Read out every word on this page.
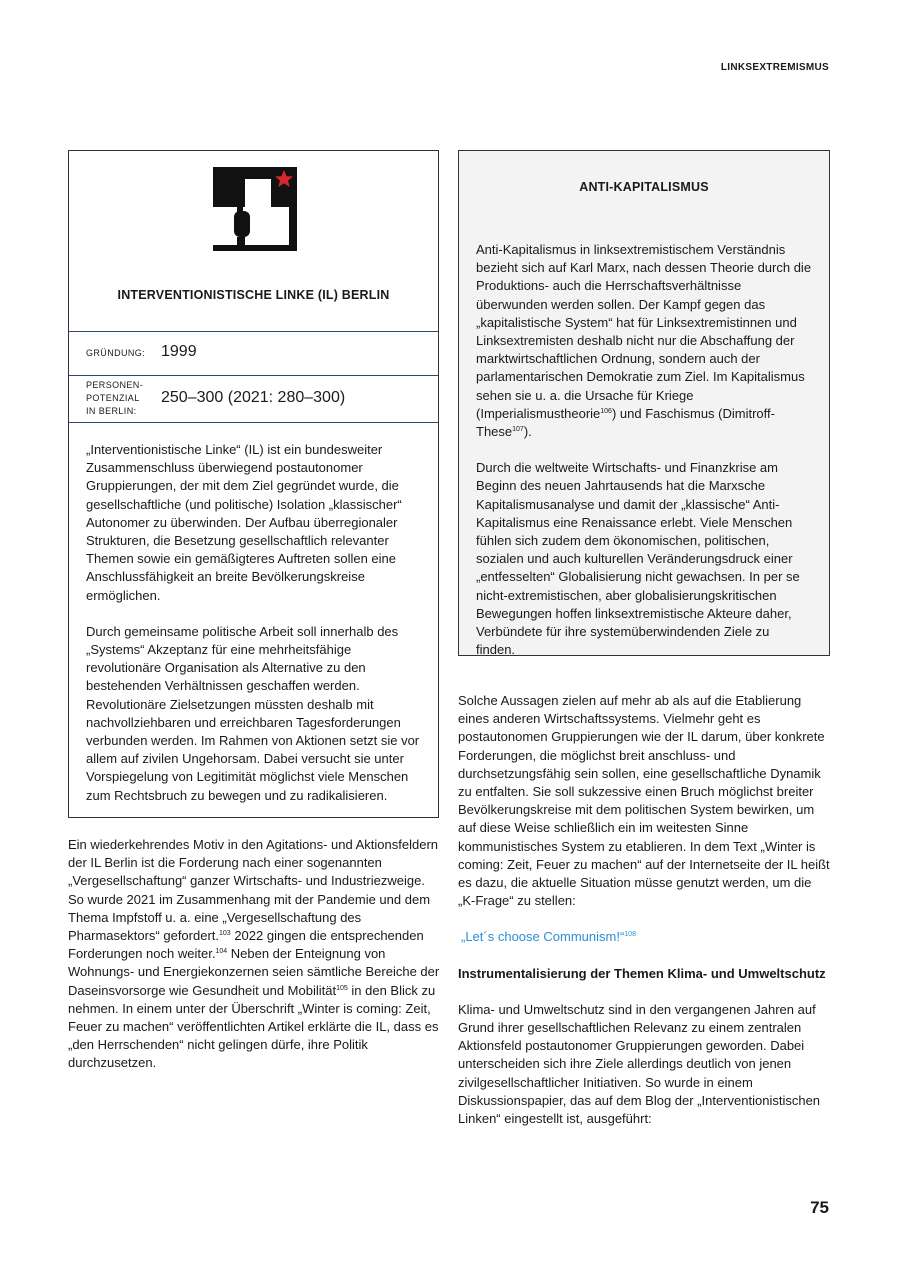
LINKSEXTREMISMUS
INTERVENTIONISTISCHE LINKE (IL) BERLIN
GRÜNDUNG: 1999
PERSONEN-
POTENZIAL
IN BERLIN:
250–300 (2021: 280–300)

„Interventionistische Linke“ (IL) ist ein bundesweiter Zusammenschluss überwiegend postautonomer Gruppierungen, der mit dem Ziel gegründet wurde, die gesellschaftliche (und politische) Isolation „klassischer“ Autonomer zu überwinden. Der Aufbau überregionaler Strukturen, die Besetzung gesellschaftlich relevanter Themen sowie ein gemäßigteres Auftreten sollen eine Anschlussfähigkeit an breite Bevölkerungskreise ermöglichen.

Durch gemeinsame politische Arbeit soll innerhalb des „Systems“ Akzeptanz für eine mehrheitsfähige revolutionäre Organisation als Alternative zu den bestehenden Verhältnissen geschaffen werden. Revolutionäre Zielsetzungen müssten deshalb mit nachvollziehbaren und erreichbaren Tagesforderungen verbunden werden. Im Rahmen von Aktionen setzt sie vor allem auf zivilen Ungehorsam. Dabei versucht sie unter Vorspiegelung von Legitimität möglichst viele Menschen zum Rechtsbruch zu bewegen und zu radikalisieren.

ANTI-KAPITALISMUS

Anti-Kapitalismus in linksextremistischem Verständnis bezieht sich auf Karl Marx, nach dessen Theorie durch die Produktions- auch die Herrschaftsverhältnisse überwunden werden sollen. Der Kampf gegen das „kapitalistische System“ hat für Linksextremistinnen und Linksextremisten deshalb nicht nur die Abschaffung der marktwirtschaftlichen Ordnung, sondern auch der parlamentarischen Demokratie zum Ziel. Im Kapitalismus sehen sie u. a. die Ursache für Kriege (Imperialismustheorie$^{106}$) und Faschismus (Dimitroff-These$^{107}$).

Durch die weltweite Wirtschafts- und Finanzkrise am Beginn des neuen Jahrtausends hat die Marxsche Kapitalismusanalyse und damit der „klassische“ Anti-Kapitalismus eine Renaissance erlebt. Viele Menschen fühlen sich zudem dem ökonomischen, politischen, sozialen und auch kulturellen Veränderungsdruck einer „entfesselten“ Globalisierung nicht gewachsen. In per se nicht-extremistischen, aber globalisierungskritischen Bewegungen hoffen linksextremistische Akteure daher, Verbündete für ihre systemüberwindenden Ziele zu finden.

Ein wiederkehrendes Motiv in den Agitations- und Aktionsfeldern der IL Berlin ist die Forderung nach einer sogenannten „Vergesellschaftung“ ganzer Wirtschafts- und Industriezweige. So wurde 2021 im Zusammenhang mit der Pandemie und dem Thema Impfstoff u. a. eine „Vergesellschaftung des Pharmasektors“ gefordert.$^{103}$ 2022 gingen die entsprechenden Forderungen noch weiter.$^{104}$ Neben der Enteignung von Wohnungs- und Energiekonzernen seien sämtliche Bereiche der Daseinsvorsorge wie Gesundheit und Mobilität$^{105}$ in den Blick zu nehmen. In einem unter der Überschrift „Winter is coming: Zeit, Feuer zu machen“ veröffentlichten Artikel erklärte die IL, dass es „den Herrschenden“ nicht gelingen dürfe, ihre Politik durchzusetzen.

Solche Aussagen zielen auf mehr ab als auf die Etablierung eines anderen Wirtschaftssystems. Vielmehr geht es postautonomen Gruppierungen wie der IL darum, über konkrete Forderungen, die möglichst breit anschluss- und durchsetzungsfähig sein sollen, eine gesellschaftliche Dynamik zu entfalten. Sie soll sukzessive einen Bruch möglichst breiter Bevölkerungskreise mit dem politischen System bewirken, um auf diese Weise schließlich ein im weitesten Sinne kommunistisches System zu etablieren. In dem Text „Winter is coming: Zeit, Feuer zu machen“ auf der Internetseite der IL heißt es dazu, die aktuelle Situation müsse genutzt werden, um die „K-Frage“ zu stellen:

„Let´s choose Communism!“$^{108}$

Instrumentalisierung der Themen Klima- und Umweltschutz

Klima- und Umweltschutz sind in den vergangenen Jahren auf Grund ihrer gesellschaftlichen Relevanz zu einem zentralen Aktionsfeld postautonomer Gruppierungen geworden. Dabei unterscheiden sich ihre Ziele allerdings deutlich von jenen zivilgesellschaftlicher Initiativen. So wurde in einem Diskussionspapier, das auf dem Blog der „Interventionistischen Linken“ eingestellt ist, ausgeführt:

75
